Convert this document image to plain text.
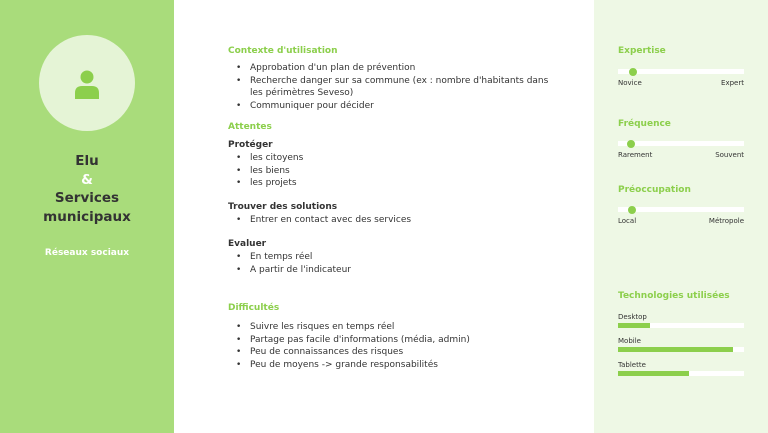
Elu
&
Services
municipaux
Réseaux sociaux
Contexte d'utilisation
• Approbation d'un plan de prévention
• Recherche danger sur sa commune (ex : nombre d'habitants dans les périmètres Seveso)
• Communiquer pour décider
Attentes
Protéger
• les citoyens
• les biens
• les projets
Trouver des solutions
• Entrer en contact avec des services
Evaluer
• En temps réel
• A partir de l'indicateur
Difficultés
• Suivre les risques en temps réel
• Partage pas facile d'informations (média, admin)
• Peu de connaissances des risques
• Peu de moyens -> grande responsabilités
Expertise
Novice	Expert
Fréquence
Rarement	Souvent
Préoccupation
Local	Métropole
Technologies utilisées
Desktop
Mobile
Tablette
